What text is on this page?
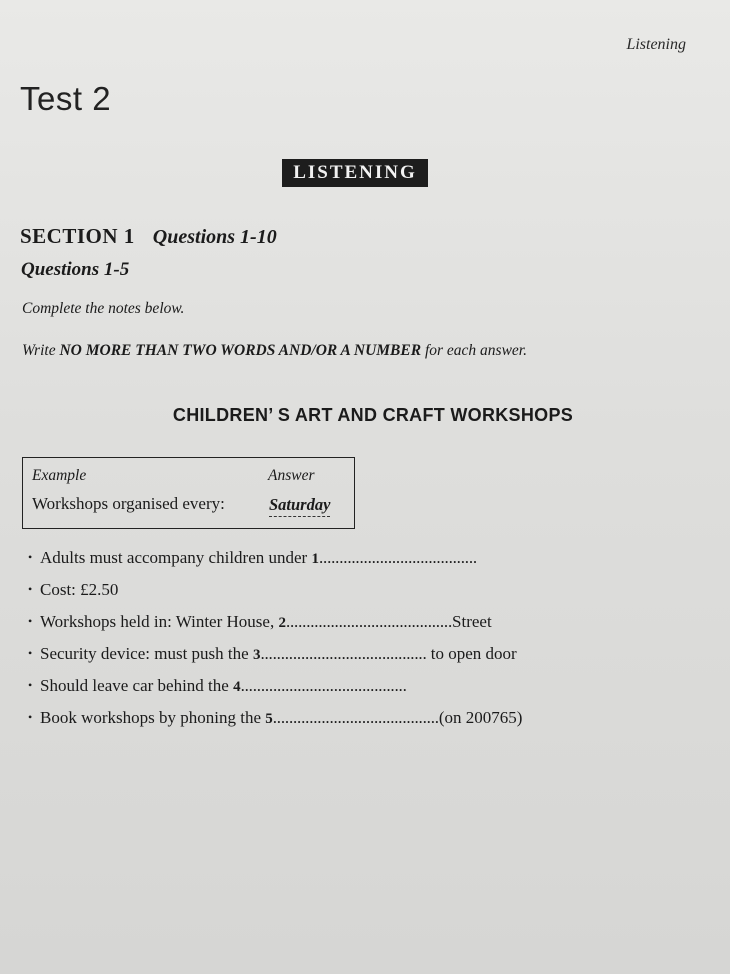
Listening
Test 2
LISTENING
SECTION 1 Questions 1-10
Questions 1-5
Complete the notes below.
Write NO MORE THAN TWO WORDS AND/OR A NUMBER for each answer.
CHILDREN’ S ART AND CRAFT WORKSHOPS
Example	Answer
Workshops organised every:	Saturday
• Adults must accompany children under 1.......................................
• Cost: £2.50
• Workshops held in: Winter House, 2.........................................Street
• Security device: must push the 3......................................... to open door
• Should leave car behind the 4.........................................
• Book workshops by phoning the 5.........................................(on 200765)
